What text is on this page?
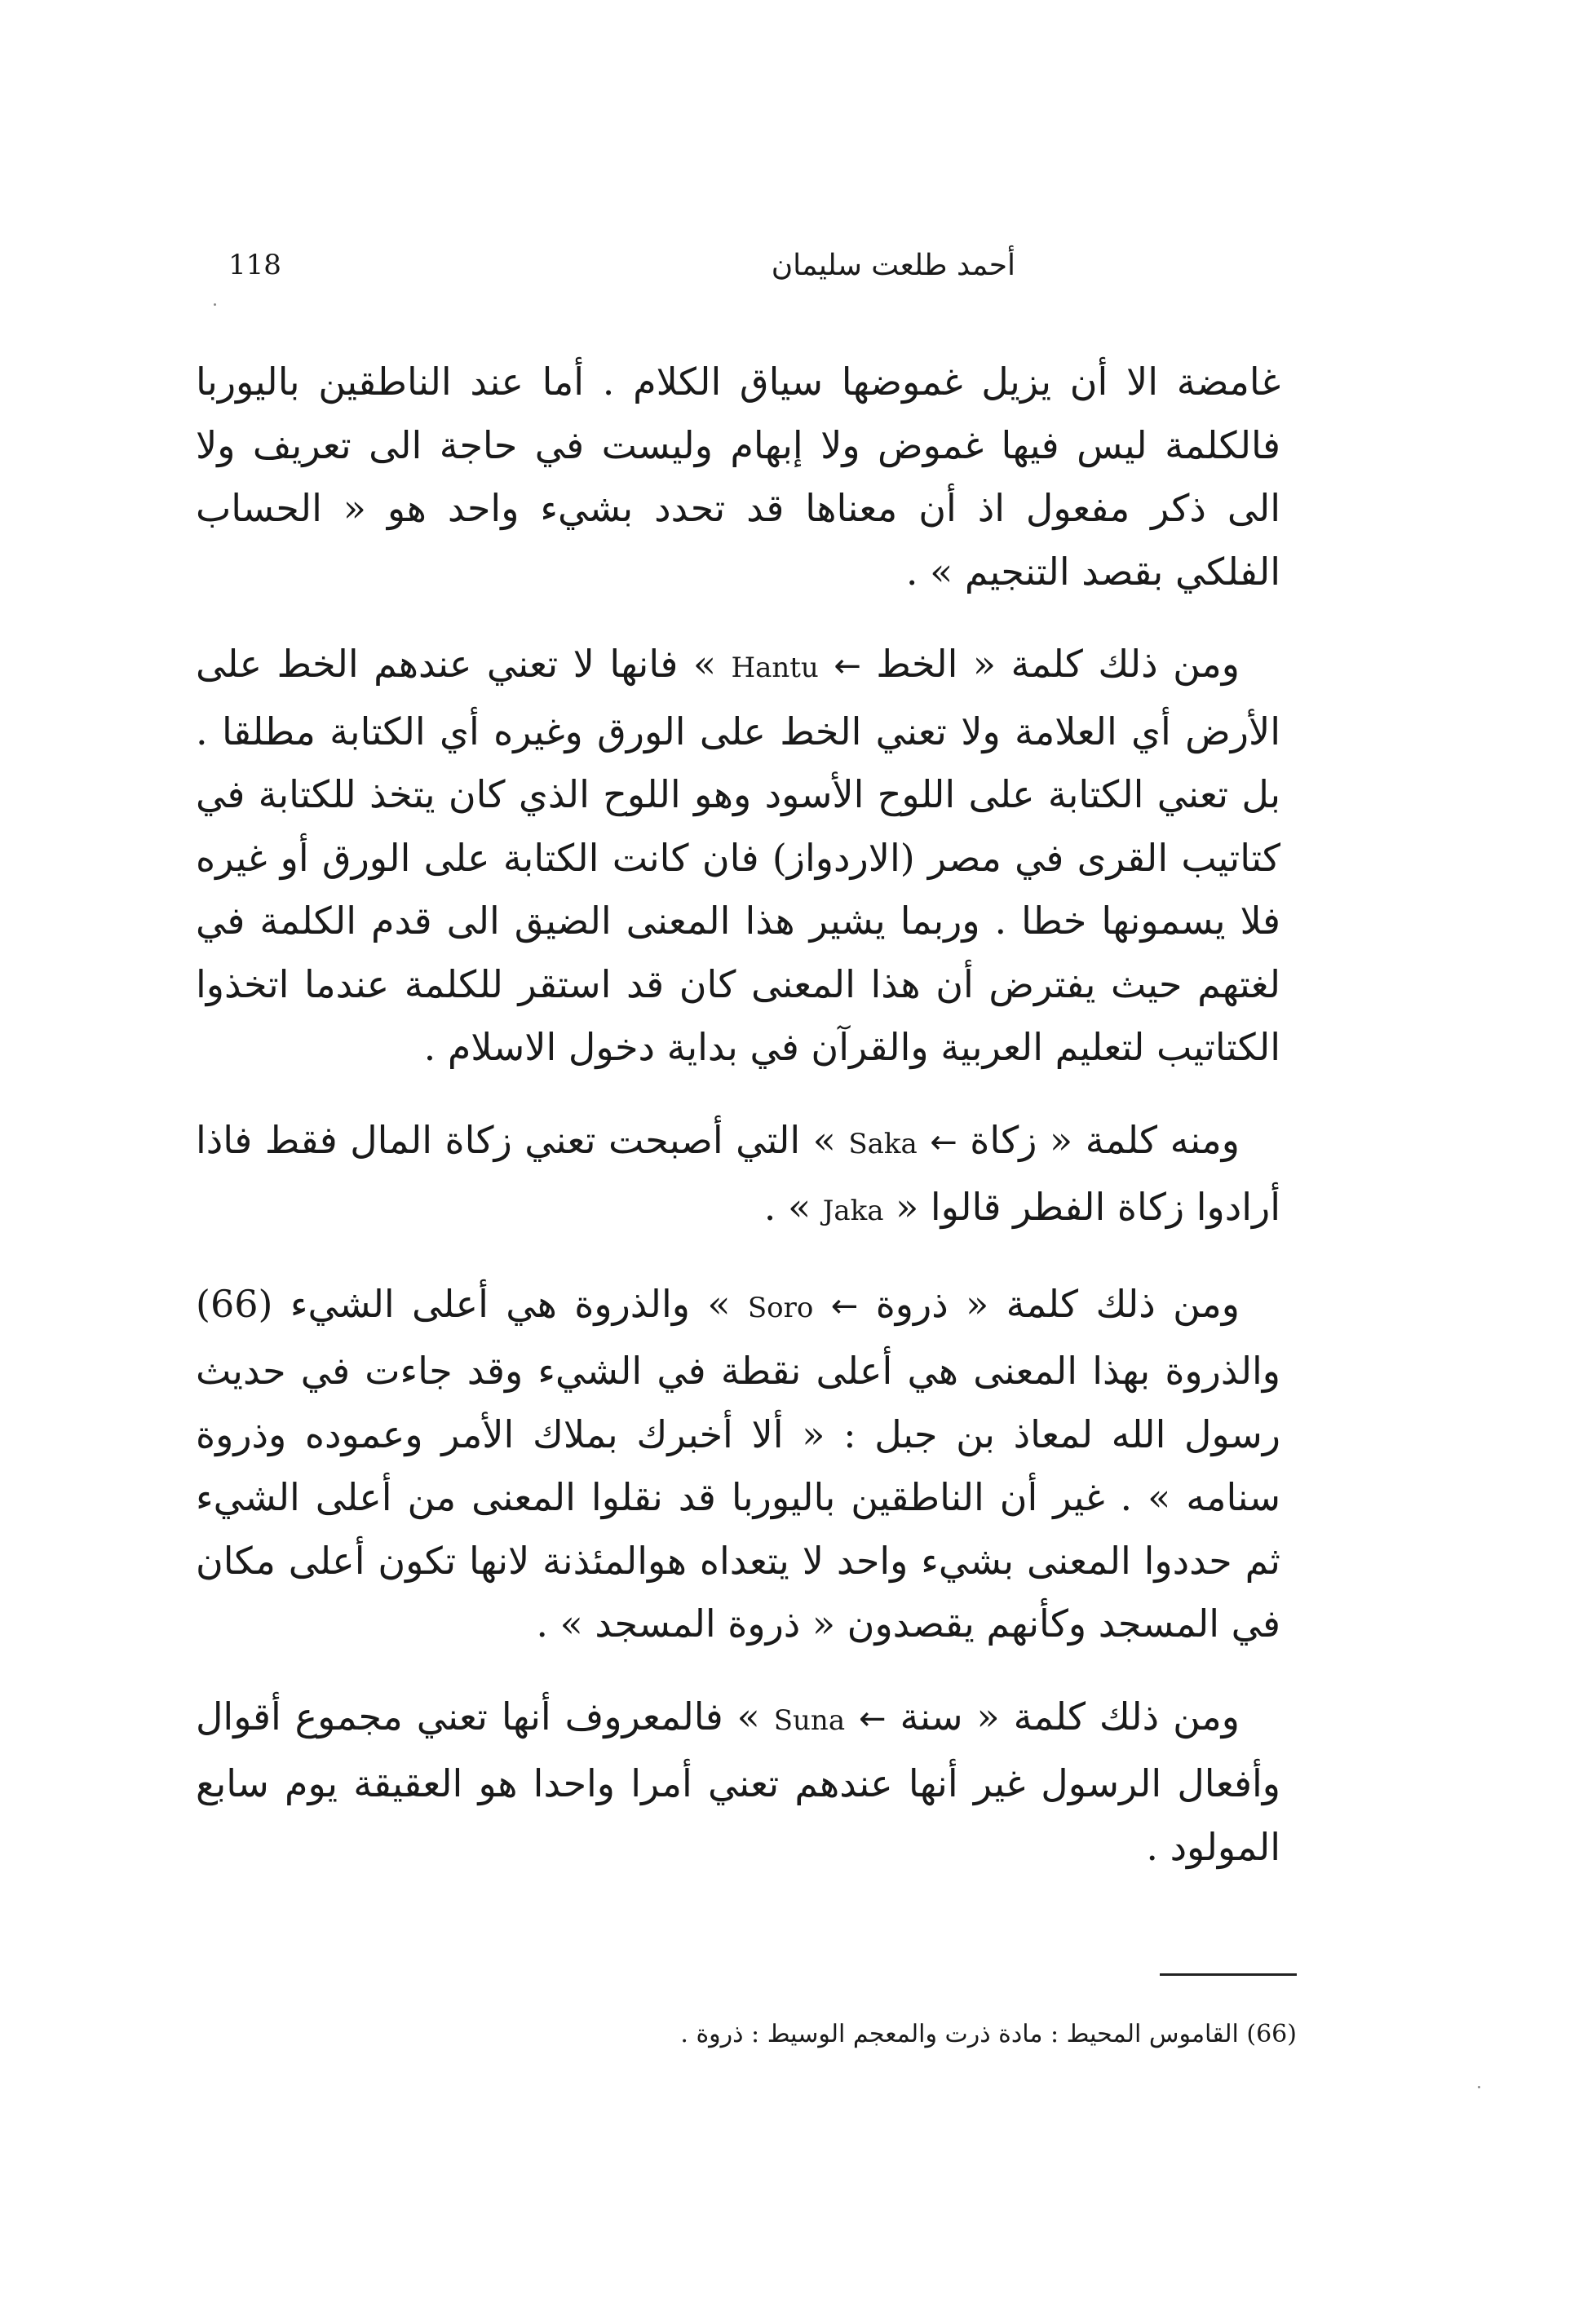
118	أحمد طلعت سليمان

غامضة الا أن يزيل غموضها سياق الكلام . أما عند الناطقين باليوربا فالكلمة ليس فيها غموض ولا إبهام وليست في حاجة الى تعريف ولا الى ذكر مفعول اذ أن معناها قد تحدد بشيء واحد هو « الحساب الفلكي بقصد التنجيم » .

ومن ذلك كلمة « الخط ← Hantu » فانها لا تعني عندهم الخط على الأرض أي العلامة ولا تعني الخط على الورق وغيره أي الكتابة مطلقا . بل تعني الكتابة على اللوح الأسود وهو اللوح الذي كان يتخذ للكتابة في كتاتيب القرى في مصر (الاردواز) فان كانت الكتابة على الورق أو غيره فلا يسمونها خطا . وربما يشير هذا المعنى الضيق الى قدم الكلمة في لغتهم حيث يفترض أن هذا المعنى كان قد استقر للكلمة عندما اتخذوا الكتاتيب لتعليم العربية والقرآن في بداية دخول الاسلام .

ومنه كلمة « زكاة ← Saka » التي أصبحت تعني زكاة المال فقط فاذا أرادوا زكاة الفطر قالوا « Jaka » .

ومن ذلك كلمة « ذروة ← Soro » والذروة هي أعلى الشيء (66) والذروة بهذا المعنى هي أعلى نقطة في الشيء وقد جاءت في حديث رسول الله لمعاذ بن جبل : « ألا أخبرك بملاك الأمر وعموده وذروة سنامه » . غير أن الناطقين باليوربا قد نقلوا المعنى من أعلى الشيء ثم حددوا المعنى بشيء واحد لا يتعداه هوالمئذنة لانها تكون أعلى مكان في المسجد وكأنهم يقصدون « ذروة المسجد » .

ومن ذلك كلمة « سنة ← Suna » فالمعروف أنها تعني مجموع أقوال وأفعال الرسول غير أنها عندهم تعني أمرا واحدا هو العقيقة يوم سابع المولود .

(66) القاموس المحيط : مادة ذرت والمعجم الوسيط : ذروة .
